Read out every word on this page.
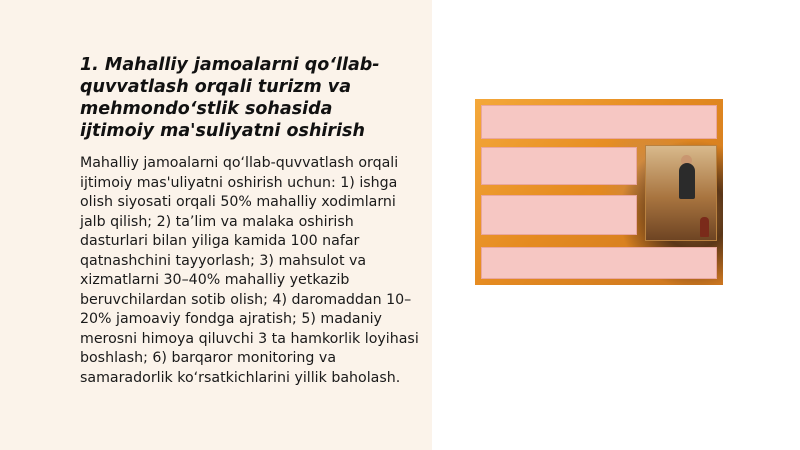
1. Mahalliy jamoalarni qo‘llab-quvvatlash orqali turizm va mehmondo‘stlik sohasida ijtimoiy ma'suliyatni oshirish

Mahalliy jamoalarni qo‘llab-quvvatlash orqali ijtimoiy mas'uliyatni oshirish uchun: 1) ishga olish siyosati orqali 50% mahalliy xodimlarni jalb qilish; 2) ta’lim va malaka oshirish dasturlari bilan yiligа kamida 100 nafar qatnashchini tayyorlash; 3) mahsulot va xizmatlarni 30–40% mahalliy yetkazib beruvchilardan sotib olish; 4) daromaddan 10–20% jamoaviy fondga ajratish; 5) madaniy merosni himoya qiluvchi 3 ta hamkorlik loyihasi boshlash; 6) barqaror monitoring va samaradorlik ko‘rsatkichlarini yillik baholash.
